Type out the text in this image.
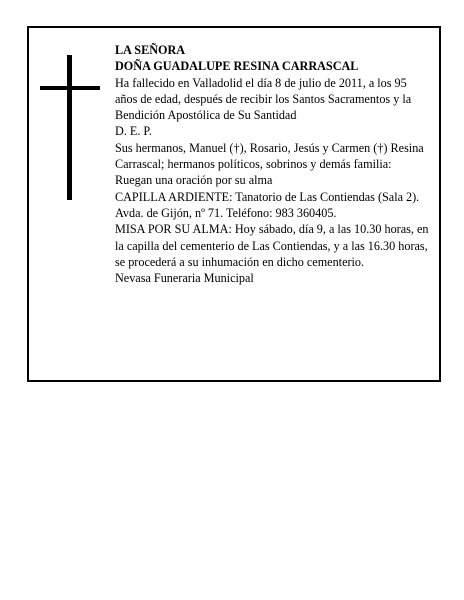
LA SEÑORA

DOÑA GUADALUPE RESINA CARRASCAL

Ha fallecido en Valladolid el día 8 de julio de 2011, a los 95 años de edad, después de recibir los Santos Sacramentos y la Bendición Apostólica de Su Santidad

D. E. P.

Sus hermanos, Manuel (†), Rosario, Jesús y Carmen (†) Resina Carrascal; hermanos políticos, sobrinos y demás familia:

Ruegan una oración por su alma

CAPILLA ARDIENTE: Tanatorio de Las Contiendas (Sala 2). Avda. de Gijón, nº 71. Teléfono: 983 360405.

MISA POR SU ALMA: Hoy sábado, día 9, a las 10.30 horas, en la capilla del cementerio de Las Contiendas, y a las 16.30 horas, se procederá a su inhumación en dicho cementerio.

Nevasa Funeraria Municipal
